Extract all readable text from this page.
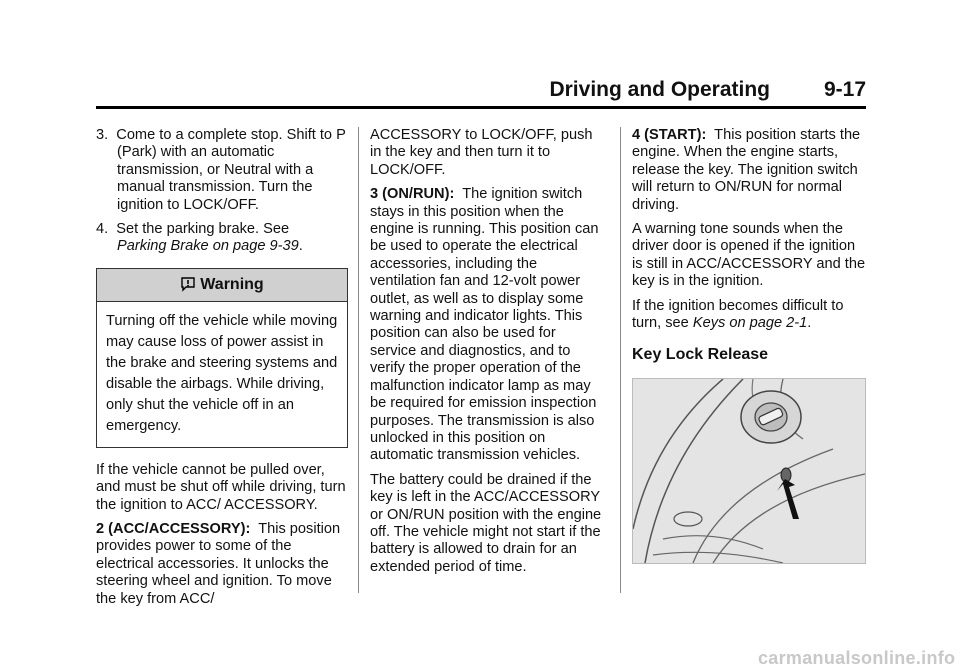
Driving and Operating	9-17
3. Come to a complete stop. Shift to P (Park) with an automatic transmission, or Neutral with a manual transmission. Turn the ignition to LOCK/OFF.
4. Set the parking brake. See
Parking Brake on page 9-39.
Warning
Turning off the vehicle while moving may cause loss of power assist in the brake and steering systems and disable the airbags. While driving, only shut the vehicle off in an emergency.

If the vehicle cannot be pulled over, and must be shut off while driving, turn the ignition to ACC/ ACCESSORY.

2 (ACC/ACCESSORY): This position provides power to some of the electrical accessories. It unlocks the steering wheel and ignition. To move the key from ACC/

ACCESSORY to LOCK/OFF, push in the key and then turn it to LOCK/OFF.

3 (ON/RUN): The ignition switch stays in this position when the engine is running. This position can be used to operate the electrical accessories, including the ventilation fan and 12-volt power outlet, as well as to display some warning and indicator lights. This position can also be used for service and diagnostics, and to verify the proper operation of the malfunction indicator lamp as may be required for emission inspection purposes. The transmission is also unlocked in this position on automatic transmission vehicles.

The battery could be drained if the key is left in the ACC/ACCESSORY or ON/RUN position with the engine off. The vehicle might not start if the battery is allowed to drain for an extended period of time.

4 (START): This position starts the engine. When the engine starts, release the key. The ignition switch will return to ON/RUN for normal driving.

A warning tone sounds when the driver door is opened if the ignition is still in ACC/ACCESSORY and the key is in the ignition.

If the ignition becomes difficult to turn, see Keys on page 2-1.

Key Lock Release
carmanualsonline.info
